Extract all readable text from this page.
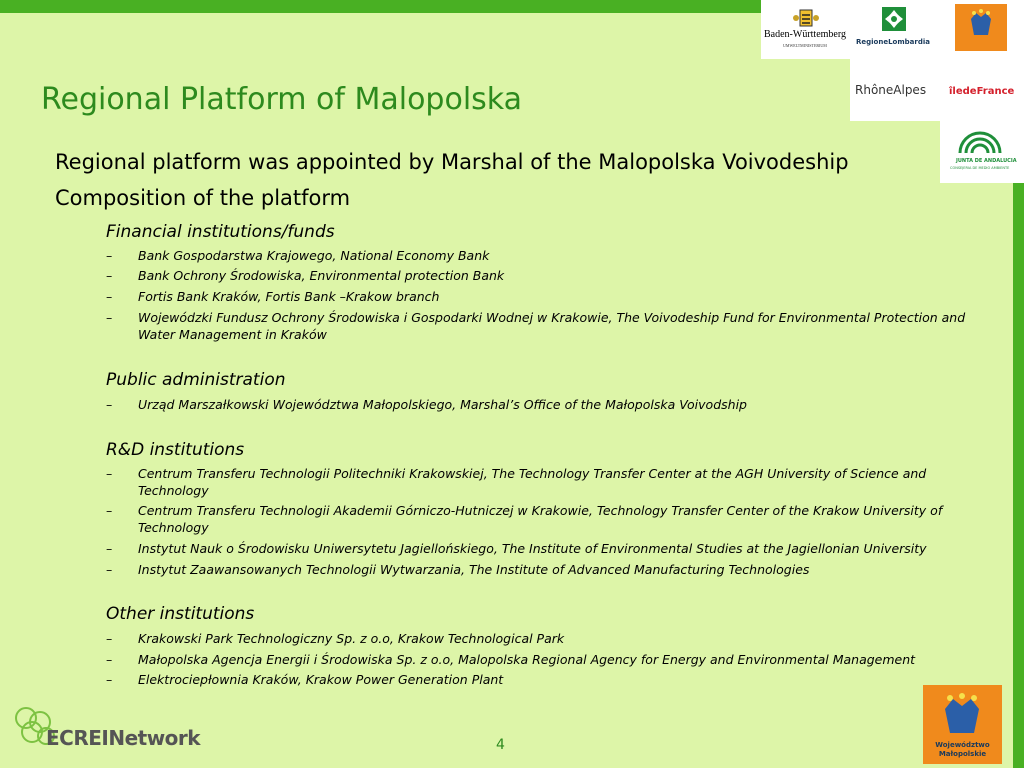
Baden-Württemberg
UMWELTMINISTERIUM	RegioneLombardia
RhôneAlpes îledeFrance
JUNTA DE ANDALUCIA
CONSEJERIA DE MEDIO AMBIENTE
Regional Platform of Malopolska
Regional platform was appointed by Marshal of the Malopolska Voivodeship
Composition of the platform
Financial institutions/funds
–	Bank Gospodarstwa Krajowego, National Economy Bank
–	Bank Ochrony Środowiska, Environmental protection Bank
–	Fortis Bank Kraków, Fortis Bank –Krakow branch
–	Wojewódzki Fundusz Ochrony Środowiska i Gospodarki Wodnej w Krakowie, The Voivodeship Fund for Environmental Protection and Water Management in Kraków
Public administration
–	Urząd Marszałkowski Województwa Małopolskiego, Marshal’s Office of the Małopolska Voivodship
R&D institutions
–	Centrum Transferu Technologii Politechniki Krakowskiej, The Technology Transfer Center at the AGH University of Science and Technology
–	Centrum Transferu Technologii Akademii Górniczo-Hutniczej w Krakowie, Technology Transfer Center of the Krakow University of Technology
–	Instytut Nauk o Środowisku Uniwersytetu Jagiellońskiego, The Institute of Environmental Studies at the Jagiellonian University
–	Instytut Zaawansowanych Technologii Wytwarzania, The Institute of Advanced Manufacturing Technologies
Other institutions
–	Krakowski Park Technologiczny Sp. z o.o, Krakow Technological Park
–	Małopolska Agencja Energii i Środowiska Sp. z o.o, Malopolska Regional Agency for Energy and Environmental Management
–	Elektrociepłownia Kraków, Krakow Power Generation Plant
ECREINetwork	4	Województwo Małopolskie
